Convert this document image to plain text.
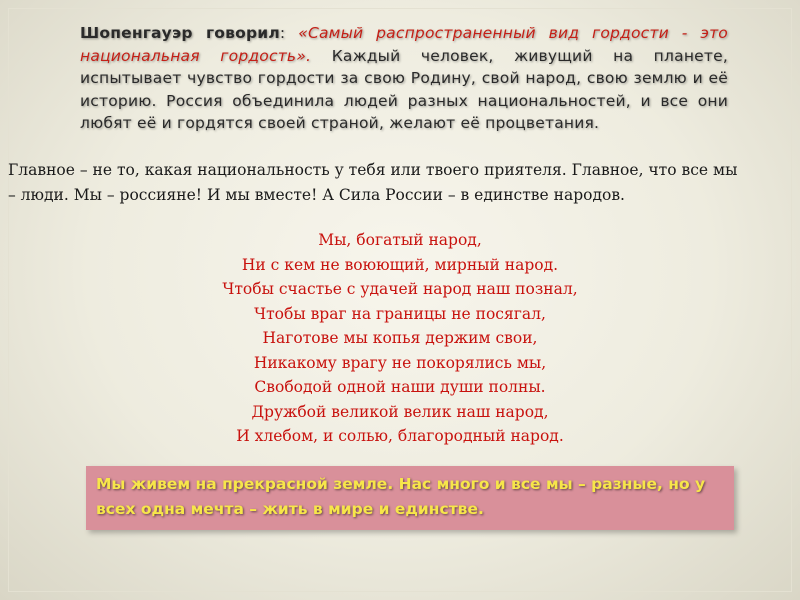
Шопенгауэр говорил: «Самый распространенный вид гордости - это национальная гордость». Каждый человек, живущий на планете, испытывает чувство гордости за свою Родину, свой народ, свою землю и её историю. Россия объединила людей разных национальностей, и все они любят её и гордятся своей страной, желают её процветания.
Главное – не то, какая национальность у тебя или твоего приятеля. Главное, что все мы – люди. Мы – россияне! И мы вместе! А Сила России – в единстве народов.
Мы, богатый народ,
Ни с кем не воюющий, мирный народ.
Чтобы счастье с удачей народ наш познал,
Чтобы враг на границы не посягал,
Наготове мы копья держим свои,
Никакому врагу не покорялись мы,
Свободой одной наши души полны.
Дружбой великой велик наш народ,
И хлебом, и солью, благородный народ.
Мы живем на прекрасной земле. Нас много и все мы – разные, но у всех одна мечта – жить в мире и единстве.
